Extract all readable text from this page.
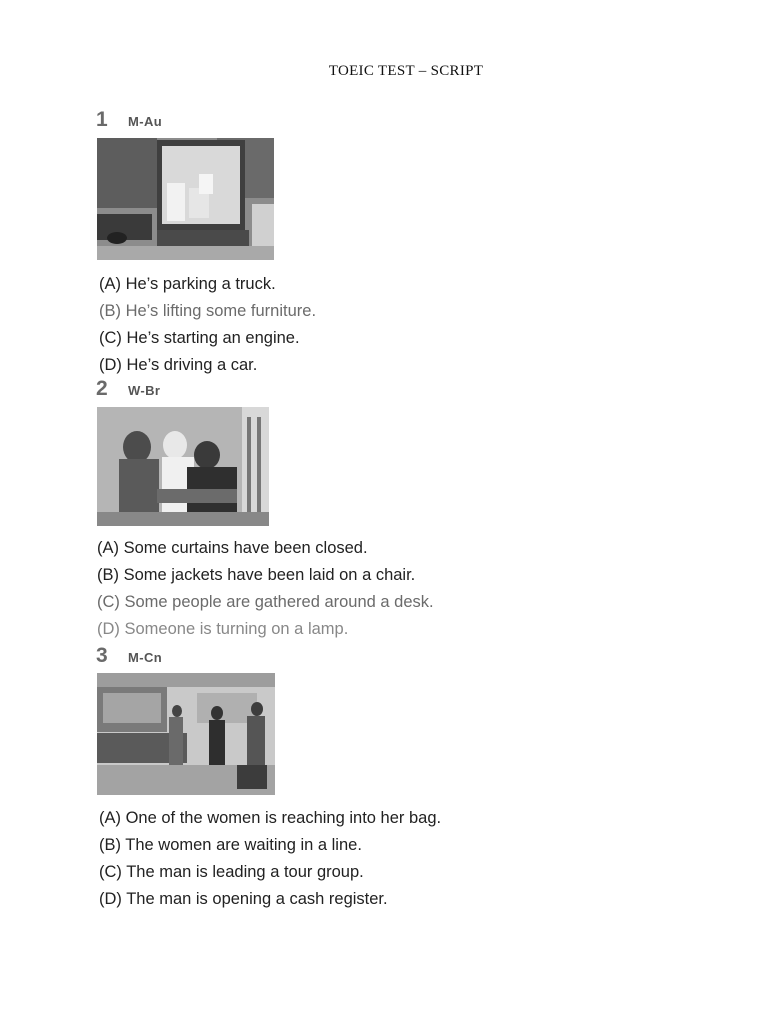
TOEIC TEST – SCRIPT
1	M-Au
(A) He’s parking a truck.
(B) He’s lifting some furniture.
(C) He’s starting an engine.
(D) He’s driving a car.
2	W-Br
(A) Some curtains have been closed.
(B) Some jackets have been laid on a chair.
(C) Some people are gathered around a desk.
(D) Someone is turning on a lamp.
3	M-Cn
(A) One of the women is reaching into her bag.
(B) The women are waiting in a line.
(C) The man is leading a tour group.
(D) The man is opening a cash register.
